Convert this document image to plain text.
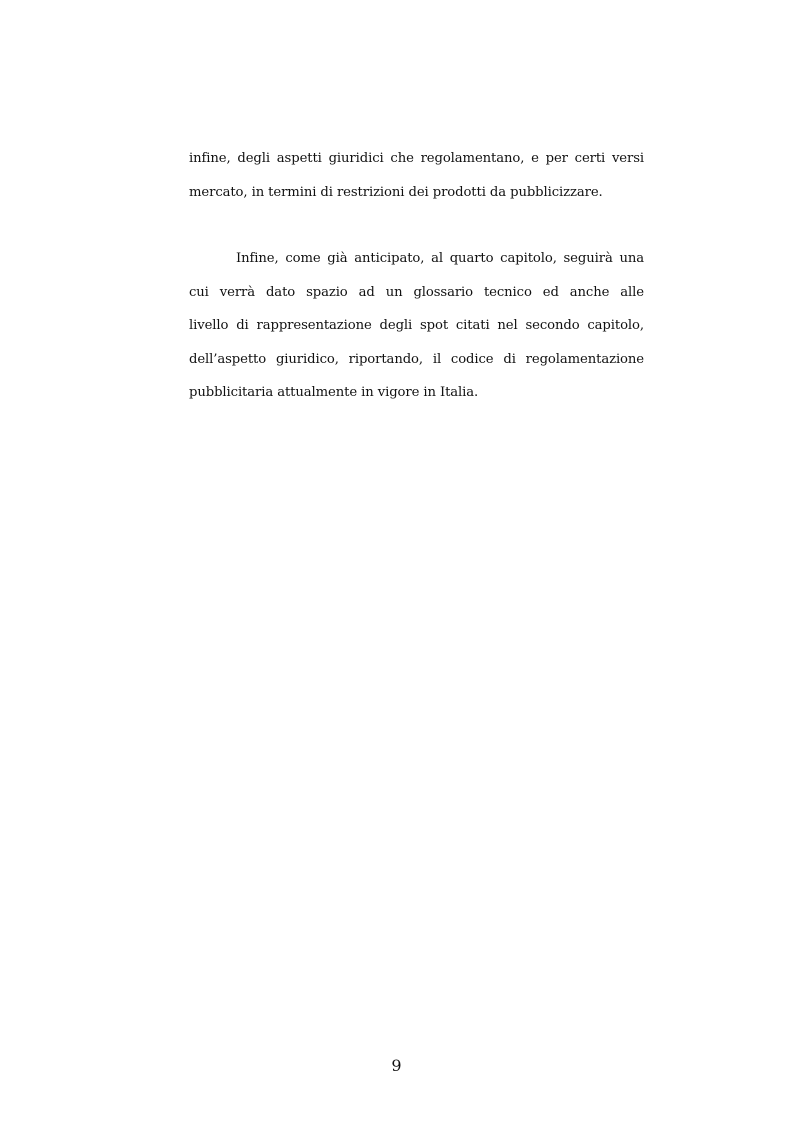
infine, degli aspetti giuridici che regolamentano, e per certi versi
mercato, in termini di restrizioni dei prodotti da pubblicizzare.
Infine, come già anticipato, al quarto capitolo, seguirà una
cui verrà dato spazio ad un glossario tecnico ed anche alle
livello di rappresentazione degli spot citati nel secondo capitolo,
dell’aspetto giuridico, riportando, il codice di regolamentazione
pubblicitaria attualmente in vigore in Italia.
9
